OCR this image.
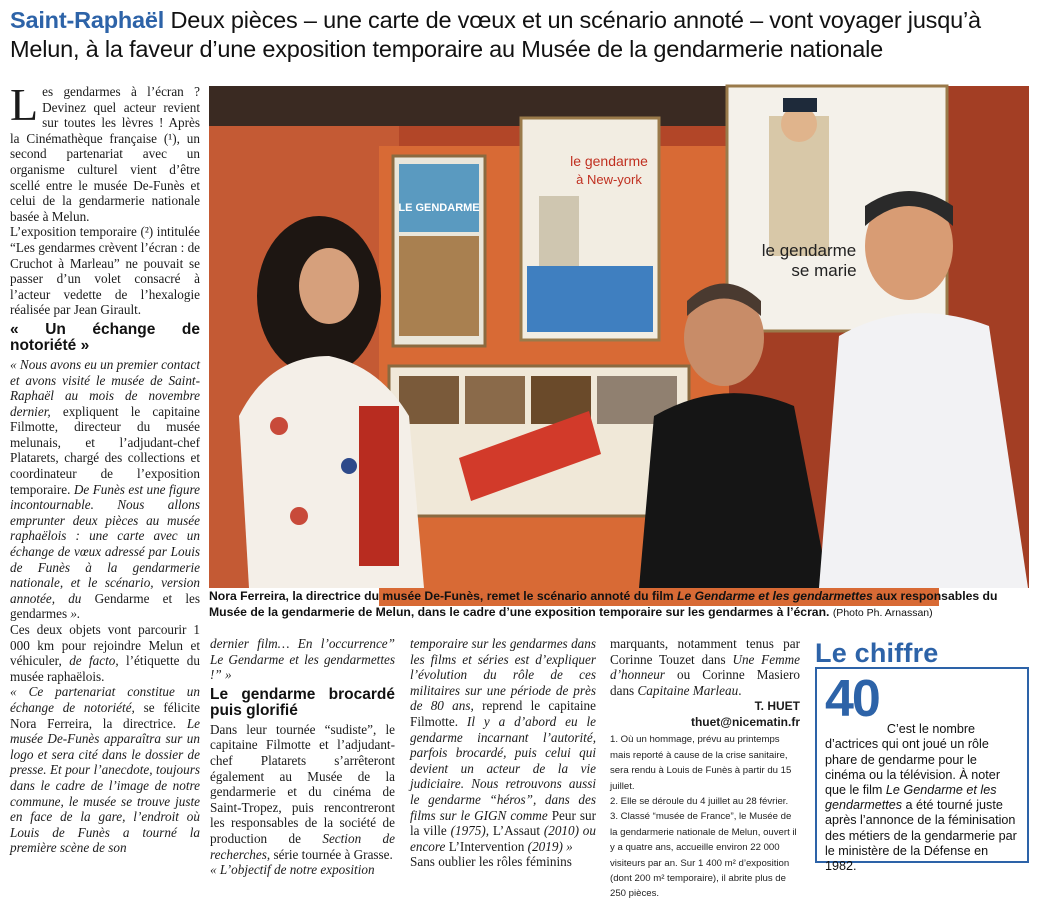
Saint-Raphaël Deux pièces – une carte de vœux et un scénario annoté – vont voyager jusqu’à Melun, à la faveur d’une exposition temporaire au Musée de la gendarmerie nationale

Les gendarmes à l’écran ? Devinez quel acteur revient sur toutes les lèvres ! Après la Cinémathèque française (¹), un second partenariat avec un organisme culturel vient d’être scellé entre le musée De-Funès et celui de la gendarmerie nationale basée à Melun.

L’exposition temporaire (²) intitulée “Les gendarmes crèvent l’écran : de Cruchot à Marleau” ne pouvait se passer d’un volet consacré à l’acteur vedette de l’hexalogie réalisée par Jean Girault.

« Un échange de notoriété »

« Nous avons eu un premier contact et avons visité le musée de Saint-Raphaël au mois de novembre dernier, expliquent le capitaine Filmotte, directeur du musée melunais, et l’adjudant-chef Platarets, chargé des collections et coordinateur de l’exposition temporaire. De Funès est une figure incontournable. Nous allons emprunter deux pièces au musée raphaëlois : une carte avec un échange de vœux adressé par Louis de Funès à la gendarmerie nationale, et le scénario, version annotée, du Gendarme et les gendarmes ».

Ces deux objets vont parcourir 1 000 km pour rejoindre Melun et véhiculer, de facto, l’étiquette du musée raphaëlois.

« Ce partenariat constitue un échange de notoriété, se félicite Nora Ferreira, la directrice. Le musée De-Funès apparaîtra sur un logo et sera cité dans le dossier de presse. Et pour l’anecdote, toujours dans le cadre de l’image de notre commune, le musée se trouve juste en face de la gare, l’endroit où Louis de Funès a tourné la première scène de son

LE GENDARME
le gendarme
à New-york
le gendarme
se marie
Nora Ferreira, la directrice du musée De-Funès, remet le scénario annoté du film Le Gendarme et les gendarmettes aux responsables du Musée de la gendarmerie de Melun, dans le cadre d’une exposition temporaire sur les gendarmes à l’écran. (Photo Ph. Arnassan)

dernier film… En l’occurrence” Le Gendarme et les gendarmettes !” »

Le gendarme brocardé puis glorifié

Dans leur tournée “sudiste”, le capitaine Filmotte et l’adjudant-chef Platarets s’arrêteront également au Musée de la gendarmerie et du cinéma de Saint-Tropez, puis rencontreront les responsables de la société de production de Section de recherches, série tournée à Grasse.

« L’objectif de notre exposition

temporaire sur les gendarmes dans les films et séries est d’expliquer l’évolution du rôle de ces militaires sur une période de près de 80 ans, reprend le capitaine Filmotte. Il y a d’abord eu le gendarme incarnant l’autorité, parfois brocardé, puis celui qui devient un acteur de la vie judiciaire. Nous retrouvons aussi le gendarme “héros”, dans des films sur le GIGN comme Peur sur la ville (1975), L’Assaut (2010) ou encore L’Intervention (2019) »

Sans oublier les rôles féminins

marquants, notamment tenus par Corinne Touzet dans Une Femme d’honneur ou Corinne Masiero dans Capitaine Marleau.

T. HUET
thuet@nicematin.fr
1. Où un hommage, prévu au printemps mais reporté à cause de la crise sanitaire, sera rendu à Louis de Funès à partir du 15 juillet.
2. Elle se déroule du 4 juillet au 28 février.
3. Classé “musée de France”, le Musée de la gendarmerie nationale de Melun, ouvert il y a quatre ans, accueille environ 22 000 visiteurs par an. Sur 1 400 m² d’exposition (dont 200 m² temporaire), il abrite plus de 250 pièces.
Le chiffre
40
C’est le nombre d’actrices qui ont joué un rôle phare de gendarme pour le cinéma ou la télévision. À noter que le film Le Gendarme et les gendarmettes a été tourné juste après l’annonce de la féminisation des métiers de la gendarmerie par le ministère de la Défense en 1982.
